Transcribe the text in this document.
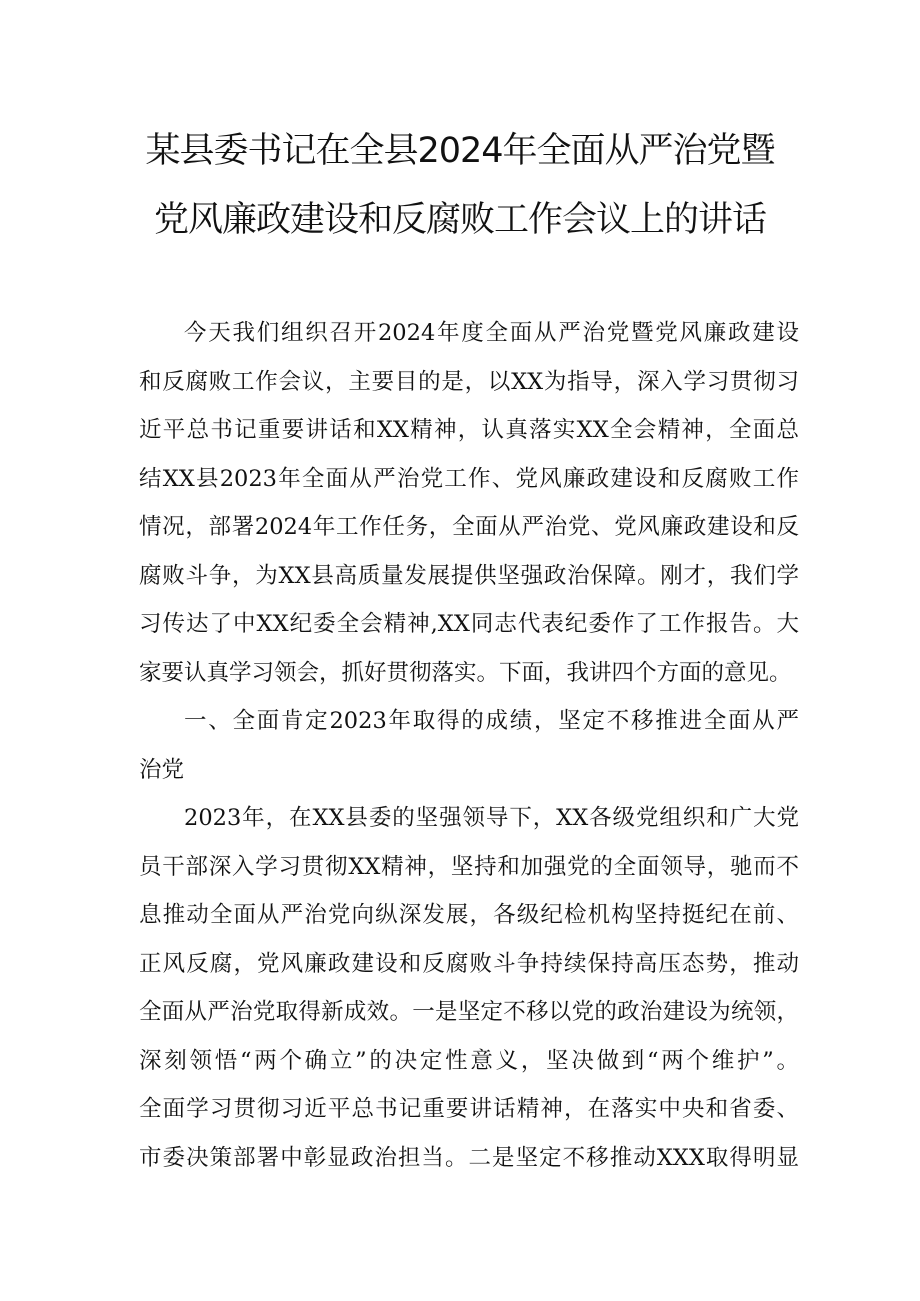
某县委书记在全县2024年全面从严治党暨
党风廉政建设和反腐败工作会议上的讲话
今天我们组织召开2024年度全面从严治党暨党风廉政建设
和反腐败工作会议，主要目的是，以XX为指导，深入学习贯彻习
近平总书记重要讲话和XX精神，认真落实XX全会精神，全面总
结XX县2023年全面从严治党工作、党风廉政建设和反腐败工作
情况，部署2024年工作任务，全面从严治党、党风廉政建设和反
腐败斗争，为XX县高质量发展提供坚强政治保障。刚才，我们学
习传达了中XX纪委全会精神,XX同志代表纪委作了工作报告。大
家要认真学习领会，抓好贯彻落实。下面，我讲四个方面的意见。
一、全面肯定2023年取得的成绩，坚定不移推进全面从严
治党
2023年，在XX县委的坚强领导下，XX各级党组织和广大党
员干部深入学习贯彻XX精神，坚持和加强党的全面领导，驰而不
息推动全面从严治党向纵深发展，各级纪检机构坚持挺纪在前、
正风反腐，党风廉政建设和反腐败斗争持续保持高压态势，推动
全面从严治党取得新成效。一是坚定不移以党的政治建设为统领，
深刻领悟“两个确立”的决定性意义，坚决做到“两个维护”。
全面学习贯彻习近平总书记重要讲话精神，在落实中央和省委、
市委决策部署中彰显政治担当。二是坚定不移推动XXX取得明显
